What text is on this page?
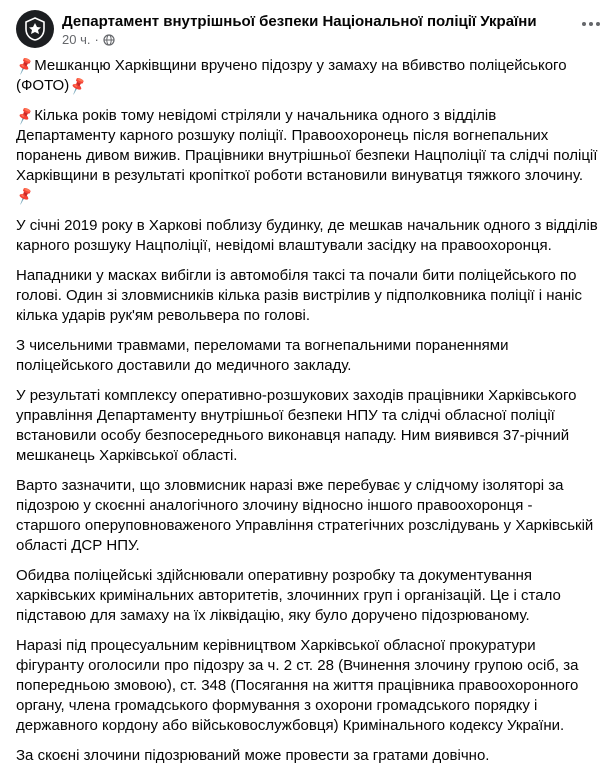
Департамент внутрішньої безпеки Національної поліції України
20 ч. ·
📌Мешканцю Харківщини вручено підозру у замаху на вбивство поліцейського (ФОТО)📌
📌Кілька років тому невідомі стріляли у начальника одного з відділів Департаменту карного розшуку поліції. Правоохоронець після вогнепальних поранень дивом вижив. Працівники внутрішньої безпеки Нацполіції та слідчі поліції Харківщини в результаті кропіткої роботи встановили винуватця тяжкого злочину.📌
У січні 2019 року в Харкові поблизу будинку, де мешкав начальник одного з відділів карного розшуку Нацполіції, невідомі влаштували засідку на правоохоронця.
Нападники у масках вибігли із автомобіля таксі та почали бити поліцейського по голові. Один зі зловмисників кілька разів вистрілив у підполковника поліції і наніс кілька ударів рук'ям револьвера по голові.
З чисельними травмами, переломами та вогнепальними пораненнями поліцейського доставили до медичного закладу.
У результаті комплексу оперативно-розшукових заходів працівники Харківського управління Департаменту внутрішньої безпеки НПУ та слідчі обласної поліції встановили особу безпосереднього виконавця нападу. Ним виявився 37-річний мешканець Харківської області.
Варто зазначити, що зловмисник наразі вже перебуває у слідчому ізоляторі за підозрою у скоєнні аналогічного злочину відносно іншого правоохоронця - старшого оперуповноваженого Управління стратегічних розслідувань у Харківській області ДСР НПУ.
Обидва поліцейські здійснювали оперативну розробку та документування харківських кримінальних авторитетів, злочинних груп і організацій. Це і стало підставою для замаху на їх ліквідацію, яку було доручено підозрюваному.
Наразі під процесуальним керівництвом Харківської обласної прокуратури фігуранту оголосили про підозру за ч. 2 ст. 28 (Вчинення злочину групою осіб, за попередньою змовою), ст. 348 (Посягання на життя працівника правоохоронного органу, члена громадського формування з охорони громадського порядку і державного кордону або військовослужбовця) Кримінального кодексу України.
За скоєні злочини підозрюваний може провести за гратами довічно.
